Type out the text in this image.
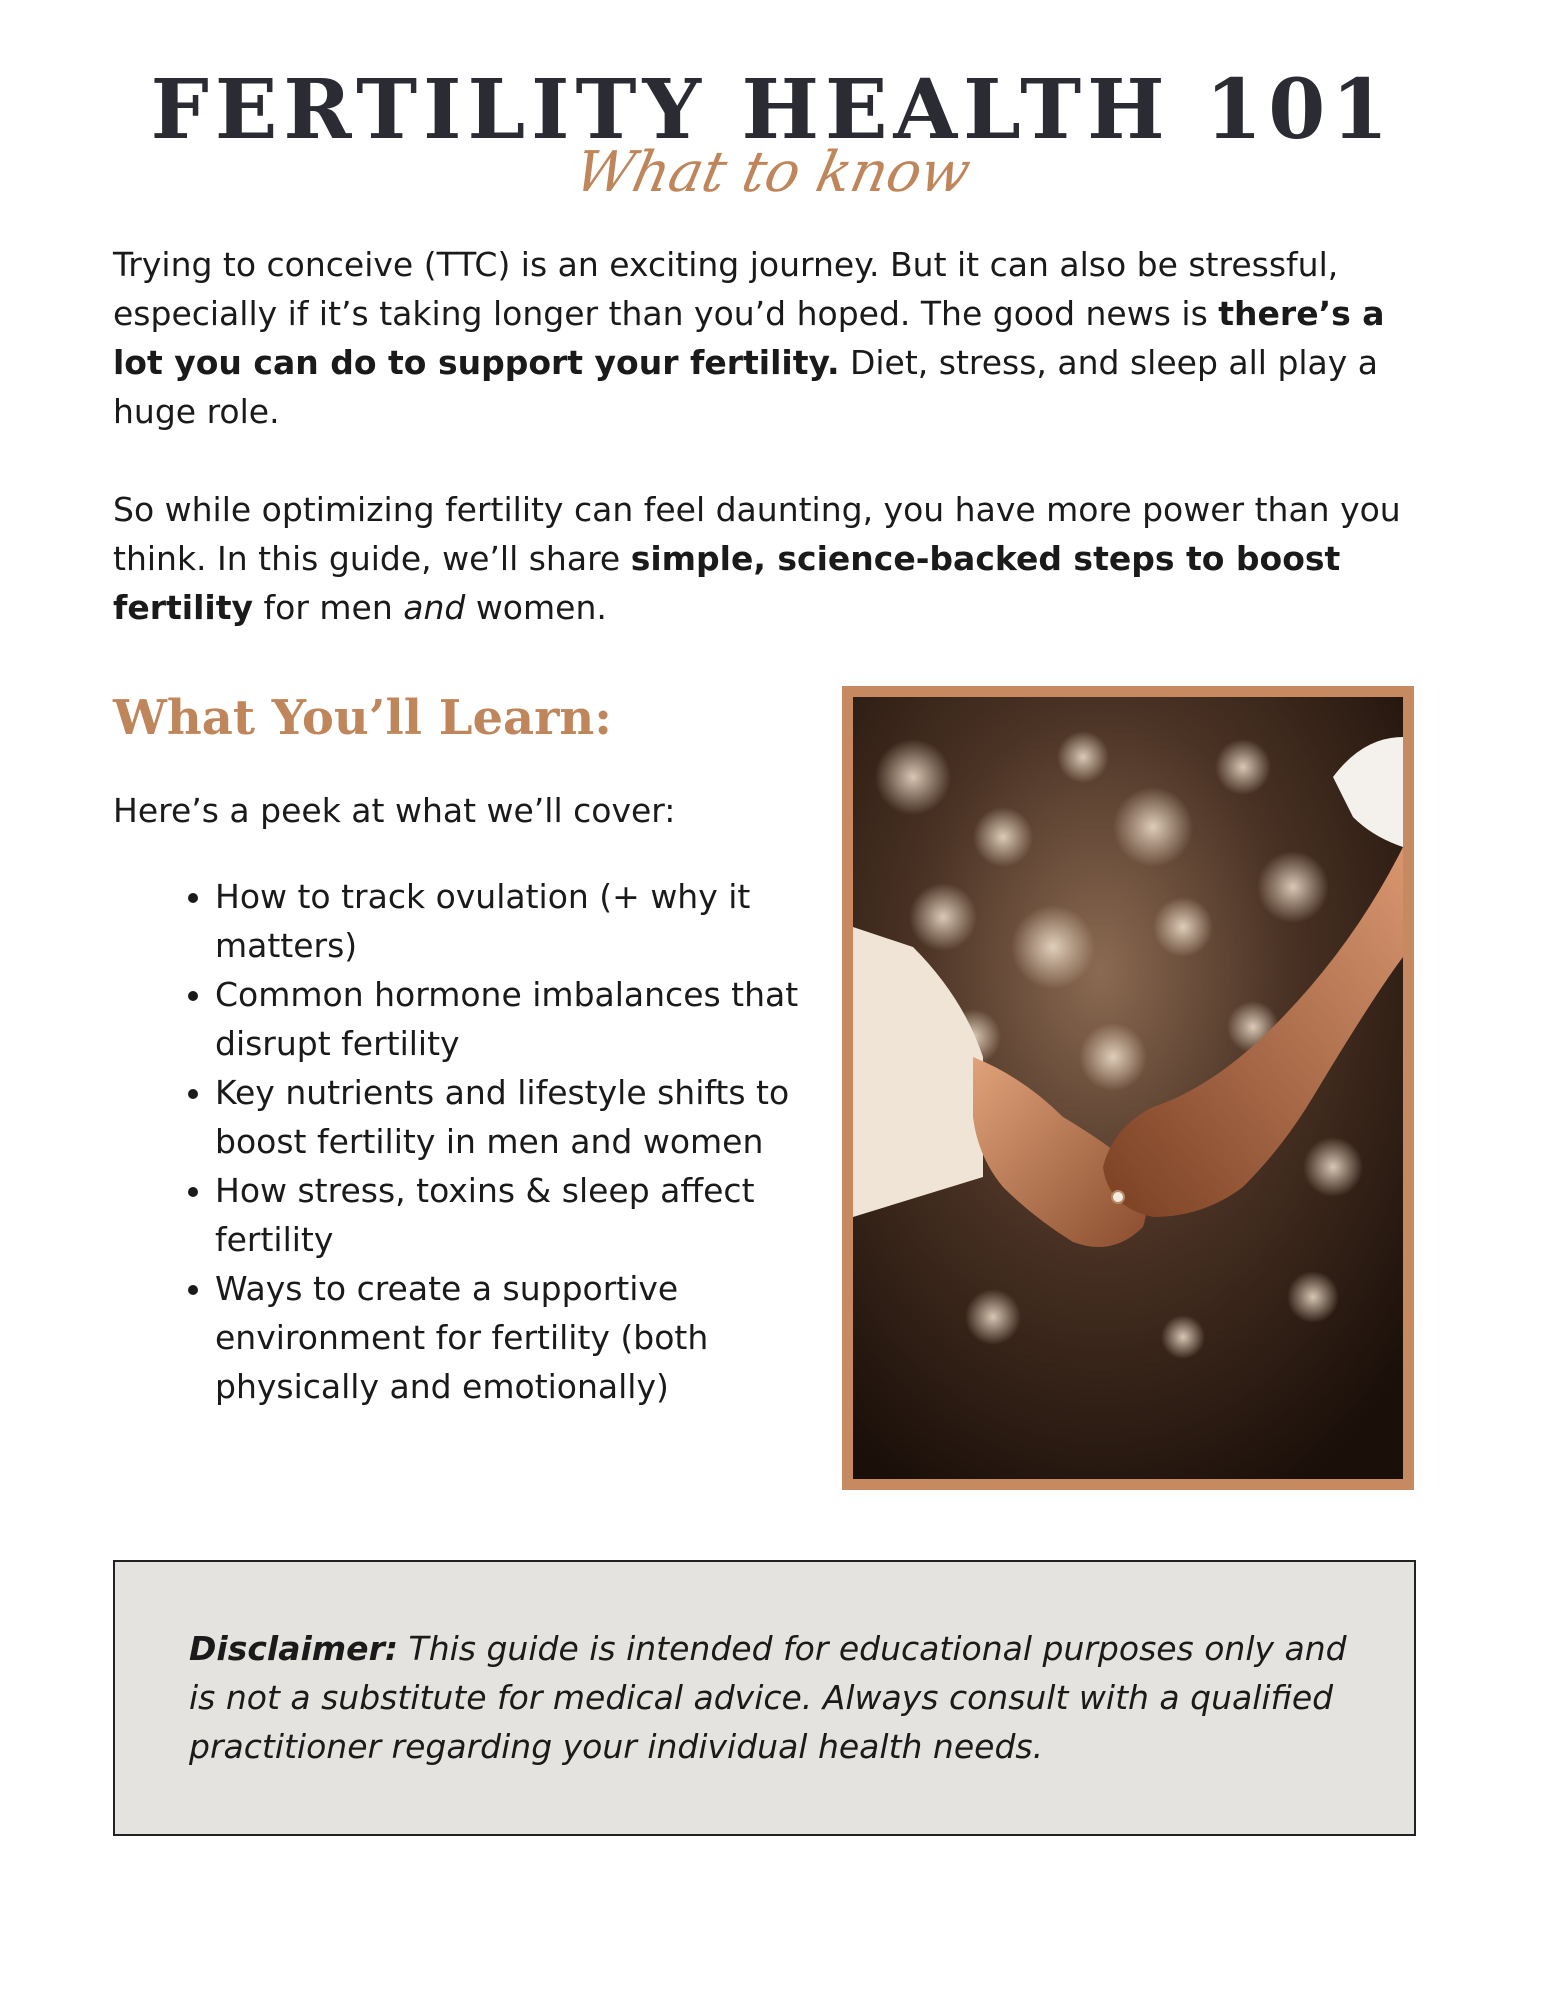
FERTILITY HEALTH 101
What to know

Trying to conceive (TTC) is an exciting journey. But it can also be stressful, especially if it’s taking longer than you’d hoped. The good news is there’s a lot you can do to support your fertility. Diet, stress, and sleep all play a huge role.

So while optimizing fertility can feel daunting, you have more power than you think. In this guide, we’ll share simple, science-backed steps to boost fertility for men and women.

What You’ll Learn:

Here’s a peek at what we’ll cover:

• How to track ovulation (+ why it matters)
• Common hormone imbalances that disrupt fertility
• Key nutrients and lifestyle shifts to boost fertility in men and women
• How stress, toxins & sleep affect fertility
• Ways to create a supportive environment for fertility (both physically and emotionally)

Disclaimer: This guide is intended for educational purposes only and is not a substitute for medical advice. Always consult with a qualified practitioner regarding your individual health needs.
